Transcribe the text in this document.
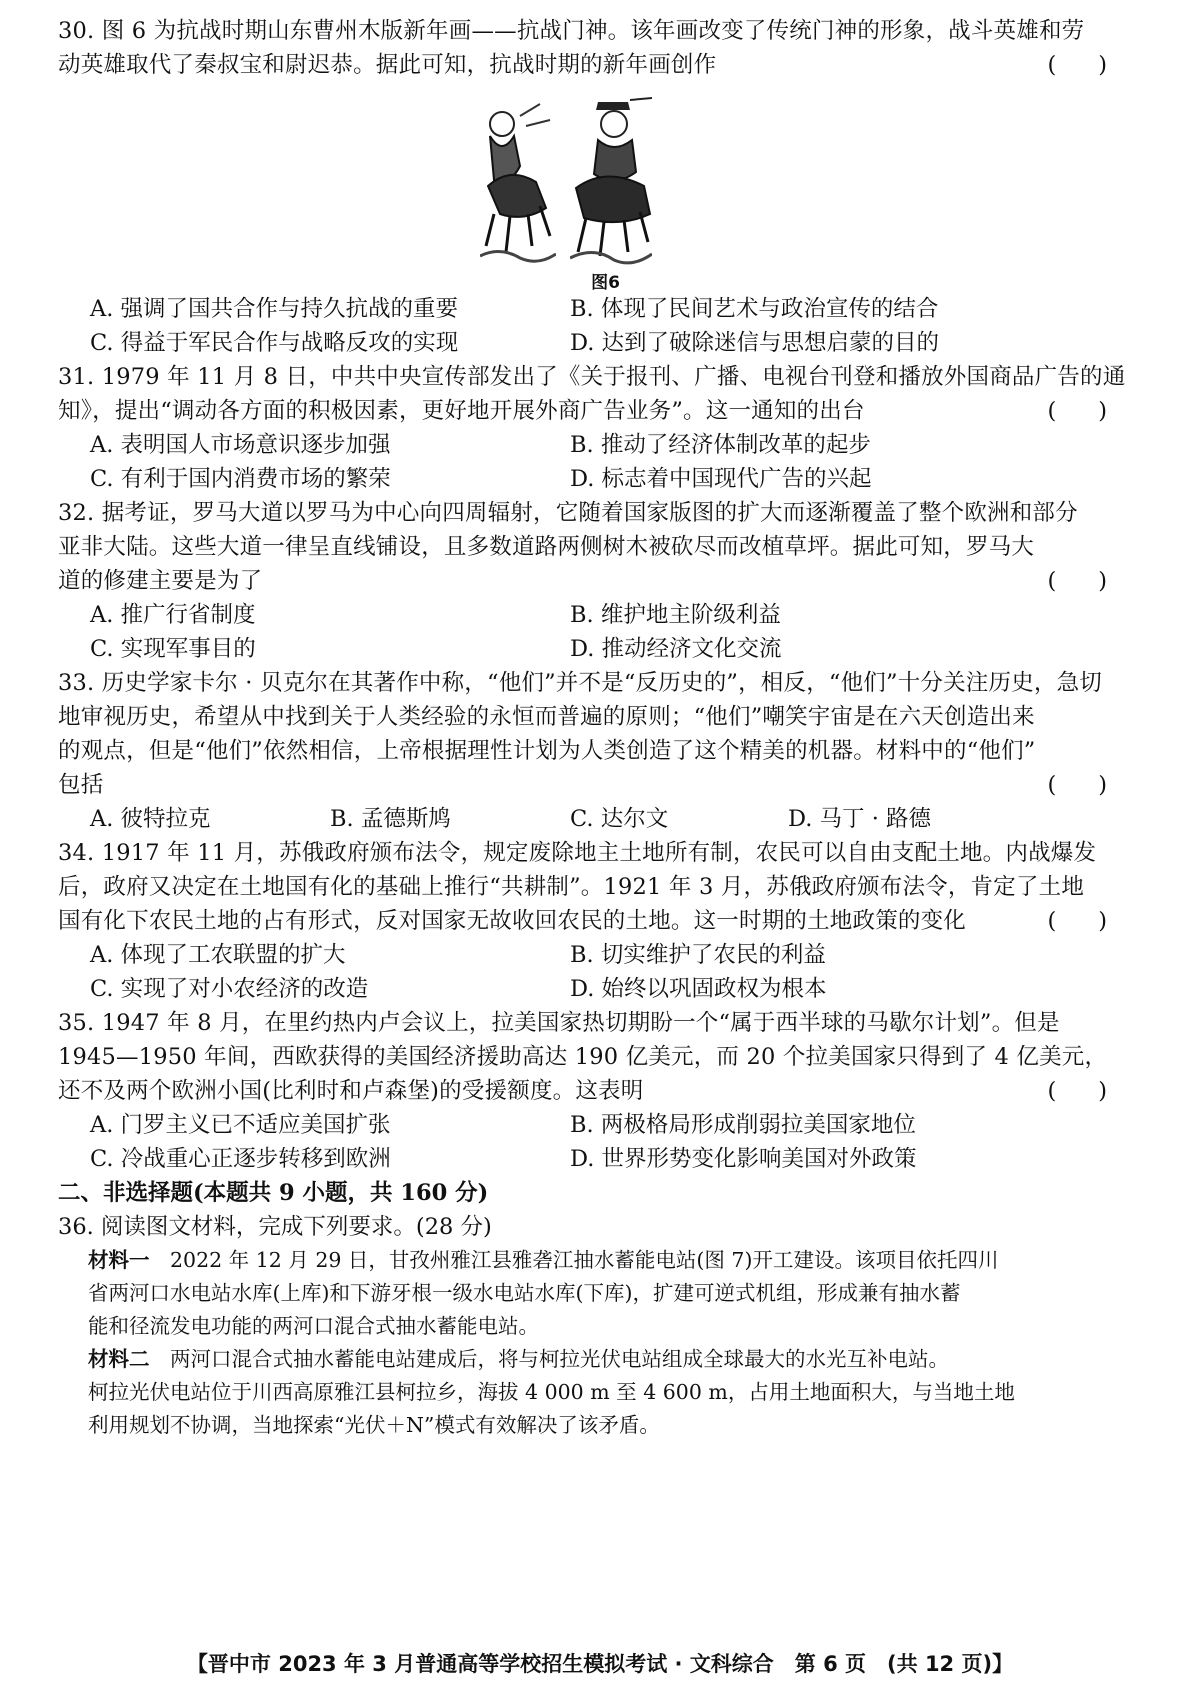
30. 图 6 为抗战时期山东曹州木版新年画——抗战门神。该年画改变了传统门神的形象，战斗英雄和劳
动英雄取代了秦叔宝和尉迟恭。据此可知，抗战时期的新年画创作	()
图6
A. 强调了国共合作与持久抗战的重要	B. 体现了民间艺术与政治宣传的结合
C. 得益于军民合作与战略反攻的实现	D. 达到了破除迷信与思想启蒙的目的
31. 1979 年 11 月 8 日，中共中央宣传部发出了《关于报刊、广播、电视台刊登和播放外国商品广告的通
知》，提出“调动各方面的积极因素，更好地开展外商广告业务”。这一通知的出台	()
A. 表明国人市场意识逐步加强	B. 推动了经济体制改革的起步
C. 有利于国内消费市场的繁荣	D. 标志着中国现代广告的兴起
32. 据考证，罗马大道以罗马为中心向四周辐射，它随着国家版图的扩大而逐渐覆盖了整个欧洲和部分
亚非大陆。这些大道一律呈直线铺设，且多数道路两侧树木被砍尽而改植草坪。据此可知，罗马大
道的修建主要是为了	()
A. 推广行省制度	B. 维护地主阶级利益
C. 实现军事目的	D. 推动经济文化交流
33. 历史学家卡尔 · 贝克尔在其著作中称，“他们”并不是“反历史的”，相反，“他们”十分关注历史，急切
地审视历史，希望从中找到关于人类经验的永恒而普遍的原则；“他们”嘲笑宇宙是在六天创造出来
的观点，但是“他们”依然相信，上帝根据理性计划为人类创造了这个精美的机器。材料中的“他们”
包括	()
A. 彼特拉克	B. 孟德斯鸠	C. 达尔文	D. 马丁 · 路德
34. 1917 年 11 月，苏俄政府颁布法令，规定废除地主土地所有制，农民可以自由支配土地。内战爆发
后，政府又决定在土地国有化的基础上推行“共耕制”。1921 年 3 月，苏俄政府颁布法令，肯定了土地
国有化下农民土地的占有形式，反对国家无故收回农民的土地。这一时期的土地政策的变化	()
A. 体现了工农联盟的扩大	B. 切实维护了农民的利益
C. 实现了对小农经济的改造	D. 始终以巩固政权为根本
35. 1947 年 8 月，在里约热内卢会议上，拉美国家热切期盼一个“属于西半球的马歇尔计划”。但是
1945—1950 年间，西欧获得的美国经济援助高达 190 亿美元，而 20 个拉美国家只得到了 4 亿美元，
还不及两个欧洲小国(比利时和卢森堡)的受援额度。这表明	()
A. 门罗主义已不适应美国扩张	B. 两极格局形成削弱拉美国家地位
C. 冷战重心正逐步转移到欧洲	D. 世界形势变化影响美国对外政策
二、非选择题(本题共 9 小题，共 160 分)
36. 阅读图文材料，完成下列要求。(28 分)
材料一　 2022 年 12 月 29 日，甘孜州雅江县雅砻江抽水蓄能电站(图 7)开工建设。该项目依托四川
省两河口水电站水库(上库)和下游牙根一级水电站水库(下库)，扩建可逆式机组，形成兼有抽水蓄
能和径流发电功能的两河口混合式抽水蓄能电站。
材料二　 两河口混合式抽水蓄能电站建成后，将与柯拉光伏电站组成全球最大的水光互补电站。
柯拉光伏电站位于川西高原雅江县柯拉乡，海拔 4 000 m 至 4 600 m，占用土地面积大，与当地土地
利用规划不协调，当地探索“光伏＋N”模式有效解决了该矛盾。
【晋中市 2023 年 3 月普通高等学校招生模拟考试 · 文科综合　第 6 页　(共 12 页)】
